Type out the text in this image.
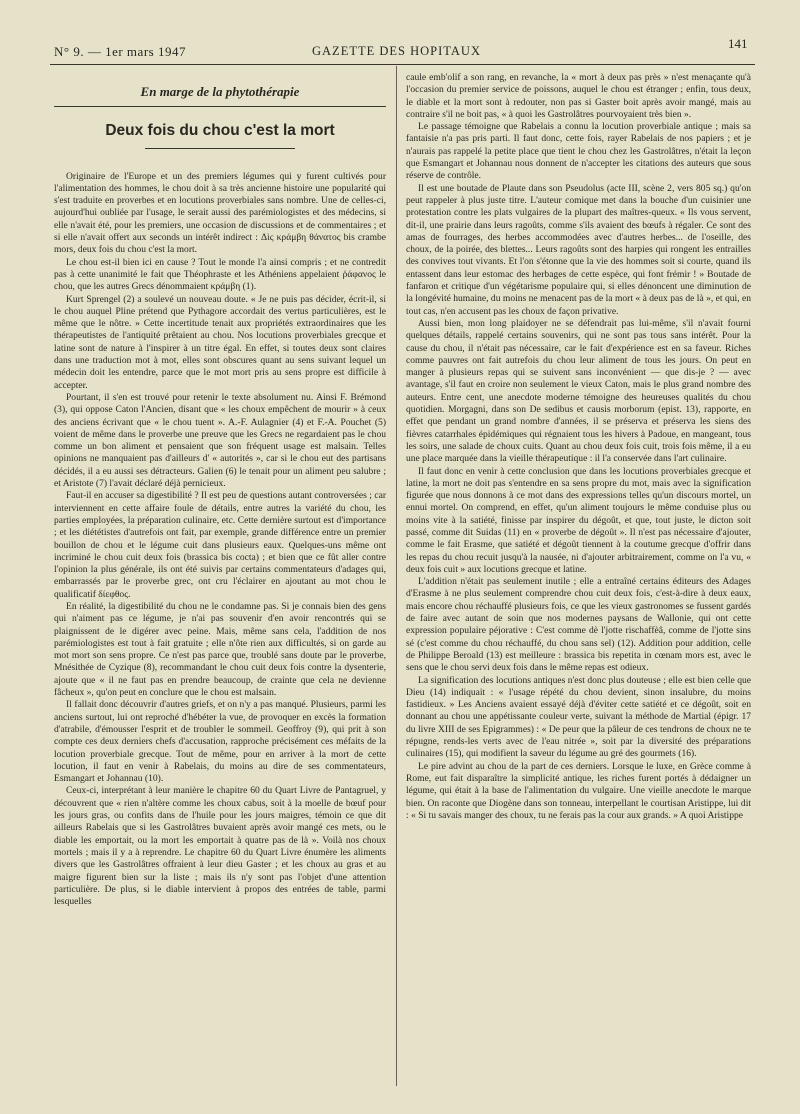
N° 9. — 1er mars 1947	GAZETTE DES HOPITAUX	141
En marge de la phytothérapie
Deux fois du chou c'est la mort

Originaire de l'Europe et un des premiers légumes qui y furent cultivés pour l'alimentation des hommes, le chou doit à sa très ancienne histoire une popularité qui s'est traduite en proverbes et en locutions proverbiales sans nombre. Une de celles-ci, aujourd'hui oubliée par l'usage, le serait aussi des parémiologistes et des médecins, si elle n'avait été, pour les premiers, une occasion de discussions et de commentaires ; et si elle n'avait offert aux seconds un intérêt indirect : Δὶς κράμβη θάνατος bis crambe mors, deux fois du chou c'est la mort.

Le chou est-il bien ici en cause ? Tout le monde l'a ainsi compris ; et ne contredit pas à cette unanimité le fait que Théophraste et les Athéniens appelaient ῥάφανος le chou, que les autres Grecs dénommaient κράμβη (1).

Kurt Sprengel (2) a soulevé un nouveau doute. « Je ne puis pas décider, écrit-il, si le chou auquel Pline prétend que Pythagore accordait des vertus particulières, est le même que le nôtre. » Cette incertitude tenait aux propriétés extraordinaires que les thérapeutistes de l'antiquité prêtaient au chou. Nos locutions proverbiales grecque et latine sont de nature à l'inspirer à un titre égal. En effet, si toutes deux sont claires dans une traduction mot à mot, elles sont obscures quant au sens suivant lequel un médecin doit les entendre, parce que le mot mort pris au sens propre est difficile à accepter.

Pourtant, il s'en est trouvé pour retenir le texte absolument nu. Ainsi F. Brémond (3), qui oppose Caton l'Ancien, disant que « les choux empêchent de mourir » à ceux des anciens écrivant que « le chou tuent ». A.-F. Aulagnier (4) et F.-A. Pouchet (5) voient de même dans le proverbe une preuve que les Grecs ne regardaient pas le chou comme un bon aliment et pensaient que son fréquent usage est malsain. Telles opinions ne manquaient pas d'ailleurs d' « autorités », car si le chou eut des partisans décidés, il a eu aussi ses détracteurs. Galien (6) le tenait pour un aliment peu salubre ; et Aristote (7) l'avait déclaré déjà pernicieux.

Faut-il en accuser sa digestibilité ? Il est peu de questions autant controversées ; car interviennent en cette affaire foule de détails, entre autres la variété du chou, les parties employées, la préparation culinaire, etc. Cette dernière surtout est d'importance ; et les diététistes d'autrefois ont fait, par exemple, grande différence entre un premier bouillon de chou et le légume cuit dans plusieurs eaux. Quelques-uns même ont incriminé le chou cuit deux fois (brassica bis cocta) ; et bien que ce fût aller contre l'opinion la plus générale, ils ont été suivis par certains commentateurs d'adages qui, embarrassés par le proverbe grec, ont cru l'éclairer en ajoutant au mot chou le qualificatif δίεφθος.

En réalité, la digestibilité du chou ne le condamne pas. Si je connais bien des gens qui n'aiment pas ce légume, je n'ai pas souvenir d'en avoir rencontrés qui se plaignissent de le digérer avec peine. Mais, même sans cela, l'addition de nos parémiologistes est tout à fait gratuite ; elle n'ôte rien aux difficultés, si on garde au mot mort son sens propre. Ce n'est pas parce que, troublé sans doute par le proverbe, Mnésithée de Cyzique (8), recommandant le chou cuit deux fois contre la dysenterie, ajoute que « il ne faut pas en prendre beaucoup, de crainte que cela ne devienne fâcheux », qu'on peut en conclure que le chou est malsain.

Il fallait donc découvrir d'autres griefs, et on n'y a pas manqué. Plusieurs, parmi les anciens surtout, lui ont reproché d'hébéter la vue, de provoquer en excès la formation d'atrabile, d'émousser l'esprit et de troubler le sommeil. Geoffroy (9), qui prit à son compte ces deux derniers chefs d'accusation, rapproche précisément ces méfaits de la locution proverbiale grecque. Tout de même, pour en arriver à la mort de cette locution, il faut en venir à Rabelais, du moins au dire de ses commentateurs, Esmangart et Johannau (10).

Ceux-ci, interprétant à leur manière le chapitre 60 du Quart Livre de Pantagruel, y découvrent que « rien n'altère comme les choux cabus, soit à la moelle de bœuf pour les jours gras, ou confits dans de l'huile pour les jours maigres, témoin ce que dit ailleurs Rabelais que si les Gastrolâtres buvaient après avoir mangé ces mets, ou le diable les emportait, ou la mort les emportait à quatre pas de là ». Voilà nos choux mortels ; mais il y a à reprendre. Le chapitre 60 du Quart Livre énumère les aliments divers que les Gastrolâtres offraient à leur dieu Gaster ; et les choux au gras et au maigre figurent bien sur la liste ; mais ils n'y sont pas l'objet d'une attention particulière. De plus, si le diable intervient à propos des entrées de table, parmi lesquelles

caule emb'olif a son rang, en revanche, la « mort à deux pas près » n'est menaçante qu'à l'occasion du premier service de poissons, auquel le chou est étranger ; enfin, tous deux, le diable et la mort sont à redouter, non pas si Gaster boit après avoir mangé, mais au contraire s'il ne boit pas, « à quoi les Gastrolâtres pourvoyaient très bien ».

Le passage témoigne que Rabelais a connu la locution proverbiale antique ; mais sa fantaisie n'a pas pris parti. Il faut donc, cette fois, rayer Rabelais de nos papiers ; et je n'aurais pas rappelé la petite place que tient le chou chez les Gastrolâtres, n'était la leçon que Esmangart et Johannau nous donnent de n'accepter les citations des auteurs que sous réserve de contrôle.

Il est une boutade de Plaute dans son Pseudolus (acte III, scène 2, vers 805 sq.) qu'on peut rappeler à plus juste titre. L'auteur comique met dans la bouche d'un cuisinier une protestation contre les plats vulgaires de la plupart des maîtres-queux. « Ils vous servent, dit-il, une prairie dans leurs ragoûts, comme s'ils avaient des bœufs à régaler. Ce sont des amas de fourrages, des herbes accommodées avec d'autres herbes... de l'oseille, des choux, de la poirée, des blettes... Leurs ragoûts sont des harpies qui rongent les entrailles des convives tout vivants. Et l'on s'étonne que la vie des hommes soit si courte, quand ils entassent dans leur estomac des herbages de cette espèce, qui font frémir ! » Boutade de fanfaron et critique d'un végétarisme populaire qui, si elles dénoncent une diminution de la longévité humaine, du moins ne menacent pas de la mort « à deux pas de là », et qui, en tout cas, n'en accusent pas les choux de façon privative.

Aussi bien, mon long plaidoyer ne se défendrait pas lui-même, s'il n'avait fourni quelques détails, rappelé certains souvenirs, qui ne sont pas tous sans intérêt. Pour la cause du chou, il n'était pas nécessaire, car le fait d'expérience est en sa faveur. Riches comme pauvres ont fait autrefois du chou leur aliment de tous les jours. On peut en manger à plusieurs repas qui se suivent sans inconvénient — que dis-je ? — avec avantage, s'il faut en croire non seulement le vieux Caton, mais le plus grand nombre des auteurs. Entre cent, une anecdote moderne témoigne des heureuses qualités du chou quotidien. Morgagni, dans son De sedibus et causis morborum (epist. 13), rapporte, en effet que pendant un grand nombre d'années, il se préserva et préserva les siens des fièvres catarrhales épidémiques qui régnaient tous les hivers à Padoue, en mangeant, tous les soirs, une salade de choux cuits. Quant au chou deux fois cuit, trois fois même, il a eu une place marquée dans la vieille thérapeutique : il l'a conservée dans l'art culinaire.

Il faut donc en venir à cette conclusion que dans les locutions proverbiales grecque et latine, la mort ne doit pas s'entendre en sa sens propre du mot, mais avec la signification figurée que nous donnons à ce mot dans des expressions telles qu'un discours mortel, un ennui mortel. On comprend, en effet, qu'un aliment toujours le même conduise plus ou moins vite à la satiété, finisse par inspirer du dégoût, et que, tout juste, le dicton soit passé, comme dit Suidas (11) en « proverbe de dégoût ». Il n'est pas nécessaire d'ajouter, comme le fait Erasme, que satiété et dégoût tiennent à la coutume grecque d'offrir dans les repas du chou recuit jusqu'à la nausée, ni d'ajouter arbitrairement, comme on l'a vu, « deux fois cuit » aux locutions grecque et latine.

L'addition n'était pas seulement inutile ; elle a entraîné certains éditeurs des Adages d'Erasme à ne plus seulement comprendre chou cuit deux fois, c'est-à-dire à deux eaux, mais encore chou réchauffé plusieurs fois, ce que les vieux gastronomes se fussent gardés de faire avec autant de soin que nos modernes paysans de Wallonie, qui ont cette expression populaire péjorative : C'est comme dè l'jotte rischaffèâ, comme de l'jotte sins sé (c'est comme du chou réchauffé, du chou sans sel) (12). Addition pour addition, celle de Philippe Beroald (13) est meilleure : brassica bis repetita in cœnam mors est, avec le sens que le chou servi deux fois dans le même repas est odieux.

La signification des locutions antiques n'est donc plus douteuse ; elle est bien celle que Dieu (14) indiquait : « l'usage répété du chou devient, sinon insalubre, du moins fastidieux. » Les Anciens avaient essayé déjà d'éviter cette satiété et ce dégoût, soit en donnant au chou une appétissante couleur verte, suivant la méthode de Martial (épigr. 17 du livre XIII de ses Epigrammes) : « De peur que la pâleur de ces tendrons de choux ne te répugne, rends-les verts avec de l'eau nitrée », soit par la diversité des préparations culinaires (15), qui modifient la saveur du légume au gré des gourmets (16).

Le pire advint au chou de la part de ces derniers. Lorsque le luxe, en Grèce comme à Rome, eut fait disparaître la simplicité antique, les riches furent portés à dédaigner un légume, qui était à la base de l'alimentation du vulgaire. Une vieille anecdote le marque bien. On raconte que Diogène dans son tonneau, interpellant le courtisan Aristippe, lui dit : « Si tu savais manger des choux, tu ne ferais pas la cour aux grands. » A quoi Aristippe
